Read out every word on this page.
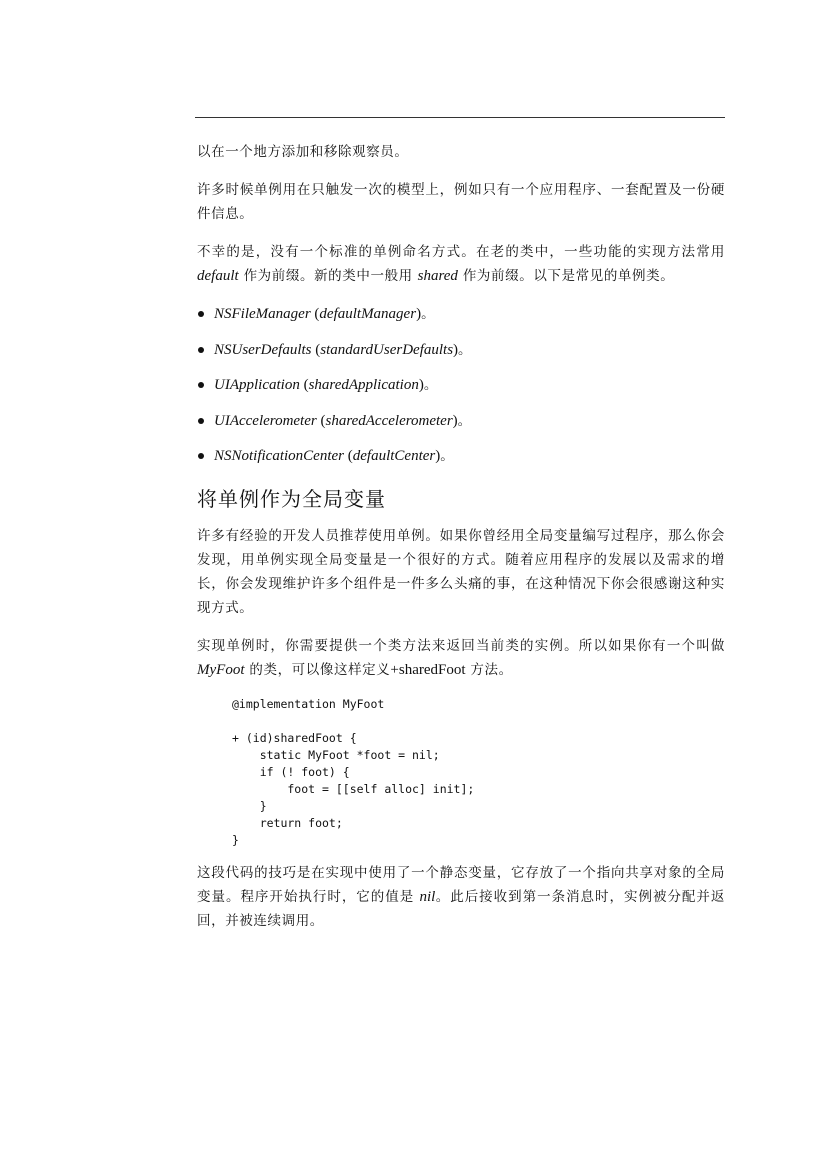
以在一个地方添加和移除观察员。

许多时候单例用在只触发一次的模型上，例如只有一个应用程序、一套配置及一份硬件信息。

不幸的是，没有一个标准的单例命名方式。在老的类中，一些功能的实现方法常用 default 作为前缀。新的类中一般用 shared 作为前缀。以下是常见的单例类。

NSFileManager (defaultManager)。
NSUserDefaults (standardUserDefaults)。
UIApplication (sharedApplication)。
UIAccelerometer (sharedAccelerometer)。
NSNotificationCenter (defaultCenter)。
将单例作为全局变量

许多有经验的开发人员推荐使用单例。如果你曾经用全局变量编写过程序，那么你会发现，用单例实现全局变量是一个很好的方式。随着应用程序的发展以及需求的增长，你会发现维护许多个组件是一件多么头痛的事，在这种情况下你会很感谢这种实现方式。

实现单例时，你需要提供一个类方法来返回当前类的实例。所以如果你有一个叫做 MyFoot 的类，可以像这样定义+sharedFoot 方法。

@implementation MyFoot

+ (id)sharedFoot {
static MyFoot *foot = nil;
if (! foot) {
foot = [[self alloc] init];
}
return foot;
}

这段代码的技巧是在实现中使用了一个静态变量，它存放了一个指向共享对象的全局变量。程序开始执行时，它的值是 nil。此后接收到第一条消息时，实例被分配并返回，并被连续调用。
